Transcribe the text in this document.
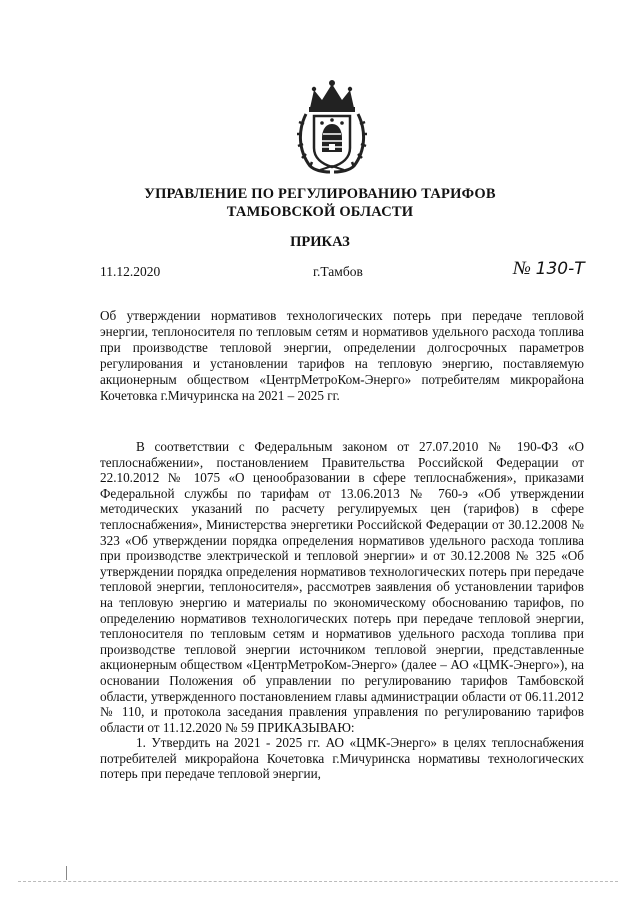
УПРАВЛЕНИЕ ПО РЕГУЛИРОВАНИЮ ТАРИФОВ
ТАМБОВСКОЙ ОБЛАСТИ
ПРИКАЗ
11.12.2020	г.Тамбов	№ 130-Т
Об утверждении нормативов технологических потерь при передаче тепловой энергии, теплоносителя по тепловым сетям и нормативов удельного расхода топлива при производстве тепловой энергии, определении долгосрочных параметров регулирования и установлении тарифов на тепловую энергию, поставляемую акционерным обществом «ЦентрМетроКом-Энерго» потребителям микрорайона Кочетовка г.Мичуринска на 2021 – 2025 гг.

В соответствии с Федеральным законом от 27.07.2010 № 190-ФЗ «О теплоснабжении», постановлением Правительства Российской Федерации от 22.10.2012 № 1075 «О ценообразовании в сфере теплоснабжения», приказами Федеральной службы по тарифам от 13.06.2013 № 760-э «Об утверждении методических указаний по расчету регулируемых цен (тарифов) в сфере теплоснабжения», Министерства энергетики Российской Федерации от 30.12.2008 № 323 «Об утверждении порядка определения нормативов удельного расхода топлива при производстве электрической и тепловой энергии» и от 30.12.2008 № 325 «Об утверждении порядка определения нормативов технологических потерь при передаче тепловой энергии, теплоносителя», рассмотрев заявления об установлении тарифов на тепловую энергию и материалы по экономическому обоснованию тарифов, по определению нормативов технологических потерь при передаче тепловой энергии, теплоносителя по тепловым сетям и нормативов удельного расхода топлива при производстве тепловой энергии источником тепловой энергии, представленные акционерным обществом «ЦентрМетроКом-Энерго» (далее – АО «ЦМК-Энерго»), на основании Положения об управлении по регулированию тарифов Тамбовской области, утвержденного постановлением главы администрации области от 06.11.2012 № 110, и протокола заседания правления управления по регулированию тарифов области от 11.12.2020 № 59 ПРИКАЗЫВАЮ:

1. Утвердить на 2021 - 2025 гг. АО «ЦМК-Энерго» в целях теплоснабжения потребителей микрорайона Кочетовка г.Мичуринска нормативы технологических потерь при передаче тепловой энергии,
